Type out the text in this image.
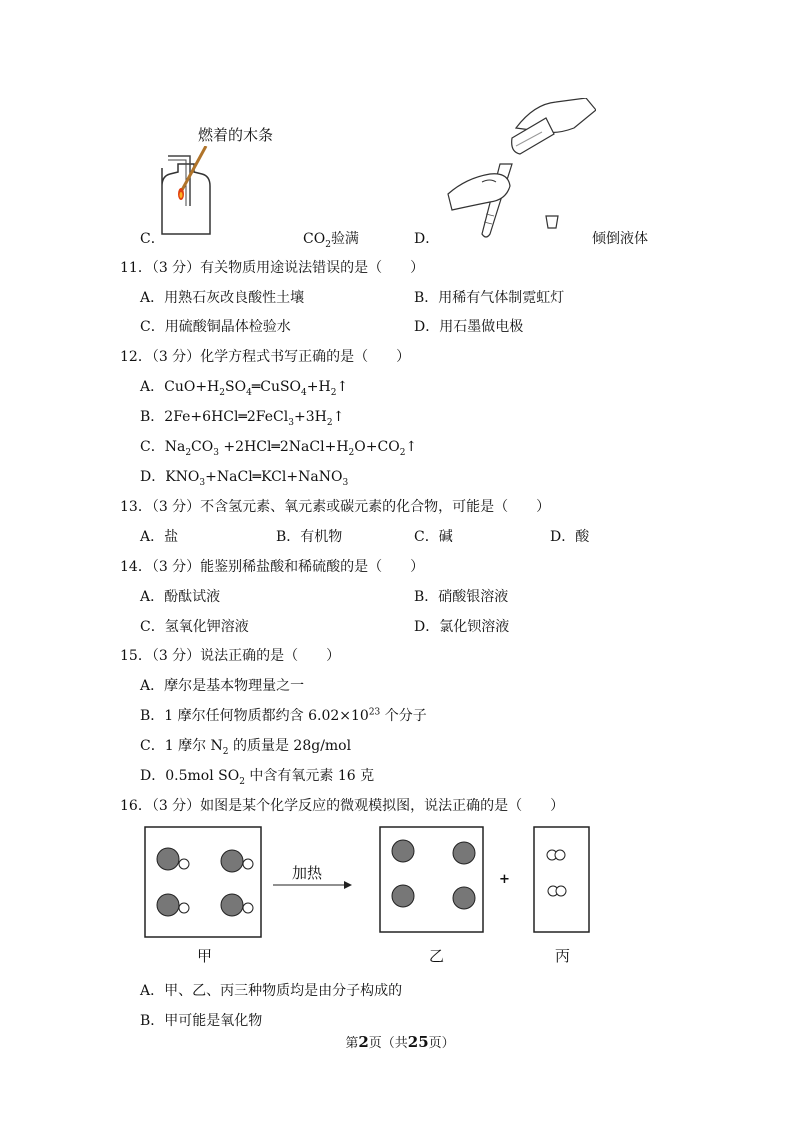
燃着的木条
C．	$CO_2$验满	D．	倾倒液体
11．（3 分）有关物质用途说法错误的是（　　）
A．用熟石灰改良酸性土壤	B．用稀有气体制霓虹灯
C．用硫酸铜晶体检验水	D．用石墨做电极
12．（3 分）化学方程式书写正确的是（　　）
A．$CuO+H_2SO_4═CuSO_4+H_2↑$
B．$2Fe+6HCl═2FeCl_3+3H_2↑$
C．$Na_2CO_3$ $+2HCl═2NaCl+H_2O+CO_2↑$
D．$KNO_3+NaCl═KCl+NaNO_3$
13．（3 分）不含氢元素、氧元素或碳元素的化合物，可能是（　　）
A．盐	B．有机物	C．碱	D．酸
14．（3 分）能鉴别稀盐酸和稀硫酸的是（　　）
A．酚酞试液	B．硝酸银溶液
C．氢氧化钾溶液	D．氯化钡溶液
15．（3 分）说法正确的是（　　）
A．摩尔是基本物理量之一
B．1 摩尔任何物质都约含 $6.02\times 10^{23}$ 个分子
C．1 摩尔 $N_2$ 的质量是 28g/mol
D．0.5mol $SO_2$ 中含有氧元素 16 克
16．（3 分）如图是某个化学反应的微观模拟图，说法正确的是（　　）
加热	+
甲	乙	丙
A．甲、乙、丙三种物质均是由分子构成的
B．甲可能是氧化物
第2页（共25页）
